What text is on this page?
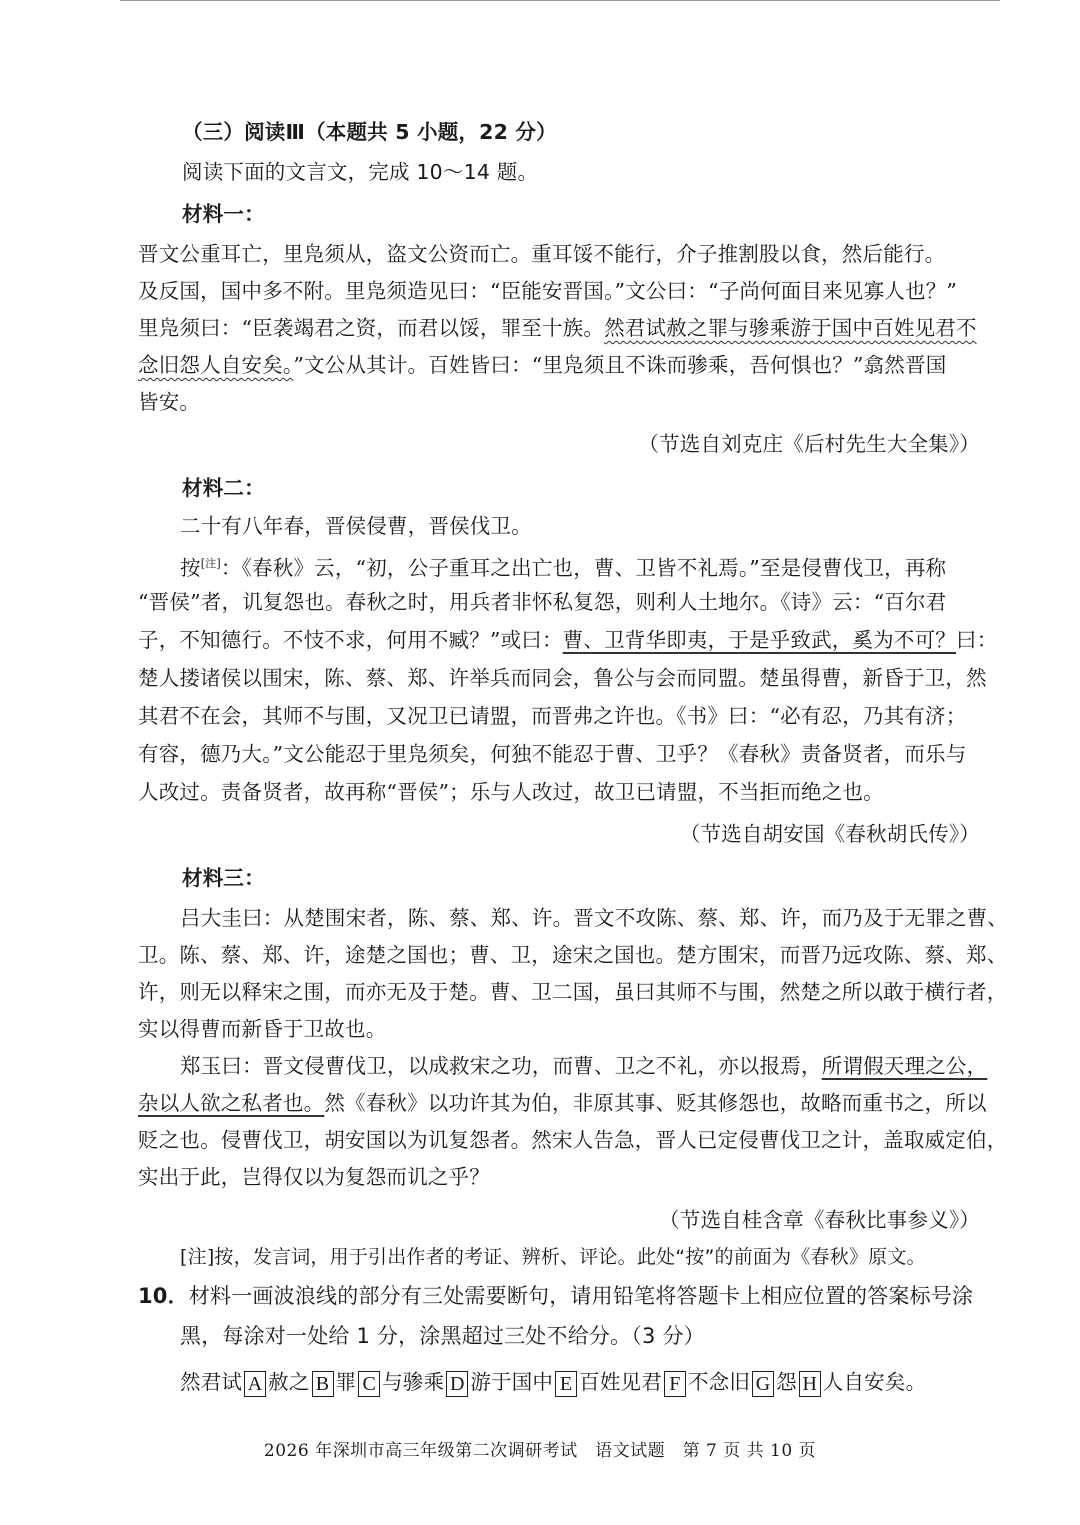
（三）阅读Ⅲ（本题共 5 小题，22 分）
阅读下面的文言文，完成 10～14 题。
材料一：
晋文公重耳亡，里凫须从，盗文公资而亡。重耳馁不能行，介子推割股以食，然后能行。
及反国，国中多不附。里凫须造见曰：“臣能安晋国。”文公曰：“子尚何面目来见寡人也？”
里凫须曰：“臣袭竭君之资，而君以馁，罪至十族。然君试赦之罪与骖乘游于国中百姓见君不
念旧怨人自安矣。”文公从其计。百姓皆曰：“里凫须且不诛而骖乘，吾何惧也？”翕然晋国
皆安。
（节选自刘克庄《后村先生大全集》）
材料二：
二十有八年春，晋侯侵曹，晋侯伐卫。
按[注]：《春秋》云，“初，公子重耳之出亡也，曹、卫皆不礼焉。”至是侵曹伐卫，再称
“晋侯”者，讥复怨也。春秋之时，用兵者非怀私复怨，则利人土地尔。《诗》云：“百尔君
子，不知德行。不忮不求，何用不臧？”或曰：曹、卫背华即夷，于是乎致武，奚为不可？曰：
楚人搂诸侯以围宋，陈、蔡、郑、许举兵而同会，鲁公与会而同盟。楚虽得曹，新昏于卫，然
其君不在会，其师不与围，又况卫已请盟，而晋弗之许也。《书》曰：“必有忍，乃其有济；
有容，德乃大。”文公能忍于里凫须矣，何独不能忍于曹、卫乎？《春秋》责备贤者，而乐与
人改过。责备贤者，故再称“晋侯”；乐与人改过，故卫已请盟，不当拒而绝之也。
（节选自胡安国《春秋胡氏传》）
材料三：
吕大圭曰：从楚围宋者，陈、蔡、郑、许。晋文不攻陈、蔡、郑、许，而乃及于无罪之曹、
卫。陈、蔡、郑、许，途楚之国也；曹、卫，途宋之国也。楚方围宋，而晋乃远攻陈、蔡、郑、
许，则无以释宋之围，而亦无及于楚。曹、卫二国，虽曰其师不与围，然楚之所以敢于横行者，
实以得曹而新昏于卫故也。
郑玉曰：晋文侵曹伐卫，以成救宋之功，而曹、卫之不礼，亦以报焉，所谓假天理之公，
杂以人欲之私者也。然《春秋》以功许其为伯，非原其事、贬其修怨也，故略而重书之，所以
贬之也。侵曹伐卫，胡安国以为讥复怨者。然宋人告急，晋人已定侵曹伐卫之计，盖取威定伯，
实出于此，岂得仅以为复怨而讥之乎？
（节选自桂含章《春秋比事参义》）
[注]按，发言词，用于引出作者的考证、辨析、评论。此处“按”的前面为《春秋》原文。
10．材料一画波浪线的部分有三处需要断句，请用铅笔将答题卡上相应位置的答案标号涂
黑，每涂对一处给 1 分，涂黑超过三处不给分。（3 分）
然君试 A 赦之 B 罪 C 与骖乘 D 游于国中 E 百姓见君 F 不念旧 G 怨 H 人自安矣。
2026 年深圳市高三年级第二次调研考试　语文试题　第 7 页 共 10 页
